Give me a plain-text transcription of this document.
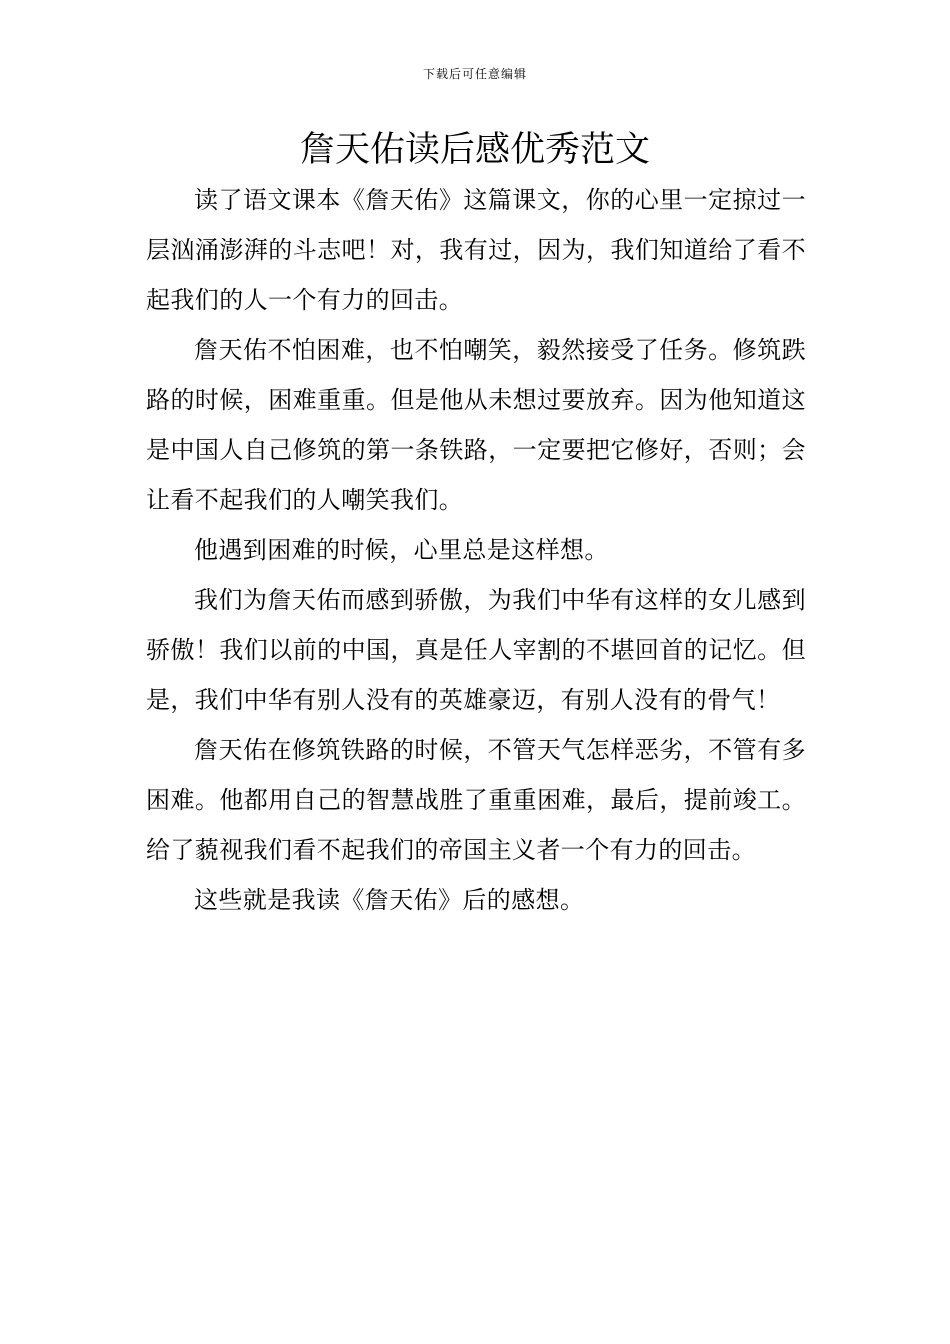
下载后可任意编辑
詹天佑读后感优秀范文

读了语文课本《詹天佑》这篇课文，你的心里一定掠过一层汹涌澎湃的斗志吧！对，我有过，因为，我们知道给了看不起我们的人一个有力的回击。

詹天佑不怕困难，也不怕嘲笑，毅然接受了任务。修筑跌路的时候，困难重重。但是他从未想过要放弃。因为他知道这是中国人自己修筑的第一条铁路，一定要把它修好，否则；会让看不起我们的人嘲笑我们。

他遇到困难的时候，心里总是这样想。

我们为詹天佑而感到骄傲，为我们中华有这样的女儿感到骄傲！我们以前的中国，真是任人宰割的不堪回首的记忆。但是，我们中华有别人没有的英雄豪迈，有别人没有的骨气！

詹天佑在修筑铁路的时候，不管天气怎样恶劣，不管有多困难。他都用自己的智慧战胜了重重困难，最后，提前竣工。给了藐视我们看不起我们的帝国主义者一个有力的回击。

这些就是我读《詹天佑》后的感想。
